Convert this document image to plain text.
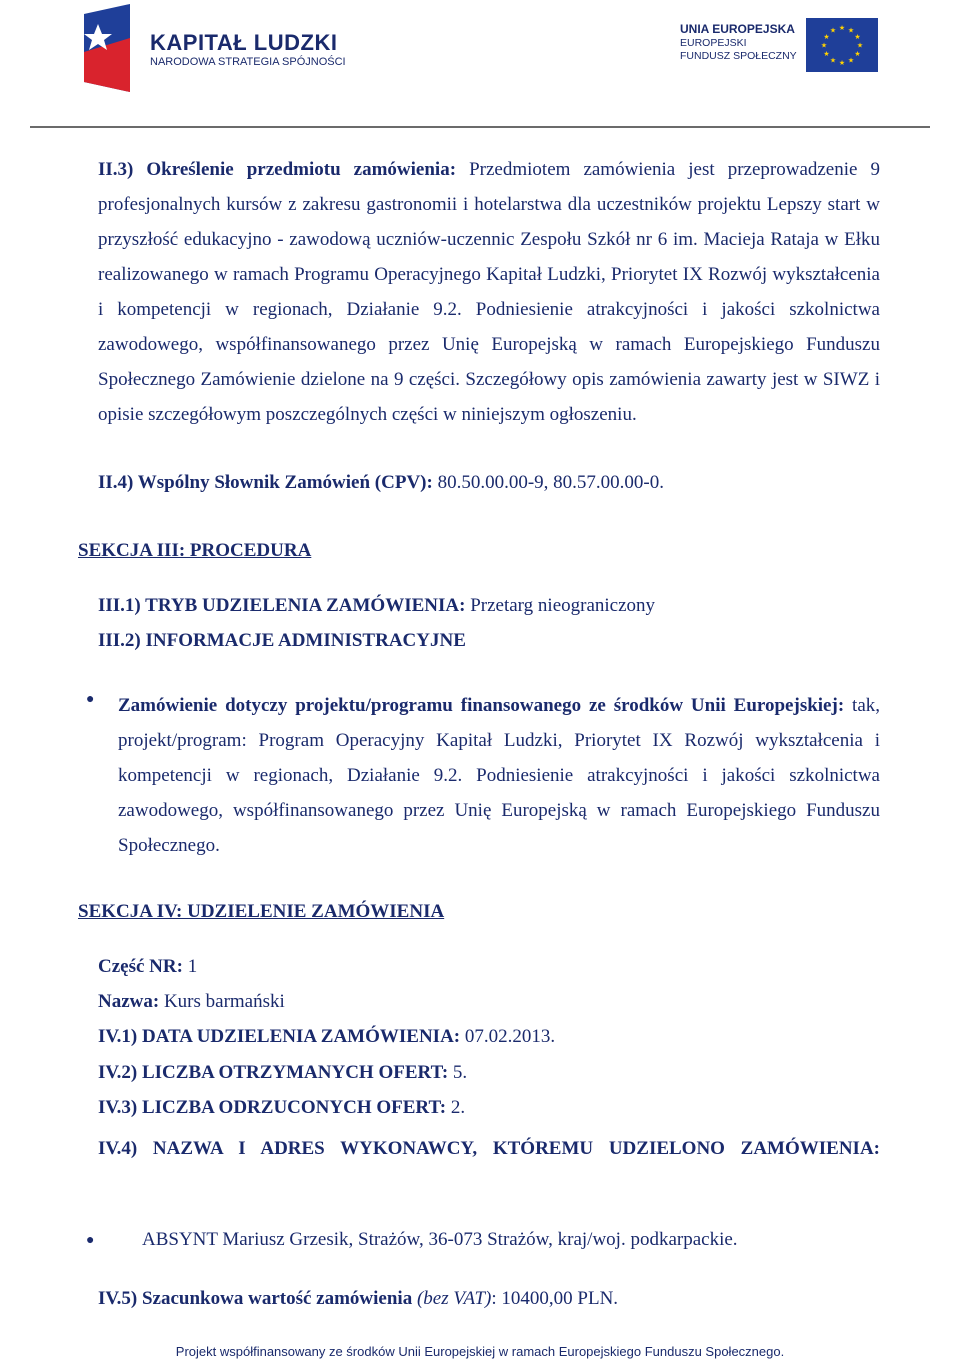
KAPITAŁ LUDZKI
NARODOWA STRATEGIA SPÓJNOŚCI
UNIA EUROPEJSKA
EUROPEJSKI
FUNDUSZ SPOŁECZNY
★ ★
★
★
★
★
★
★
★
★
★
★
II.3) Określenie przedmiotu zamówienia: Przedmiotem zamówienia jest przeprowadzenie 9 profesjonalnych kursów z zakresu gastronomii i hotelarstwa dla uczestników projektu Lepszy start w przyszłość edukacyjno - zawodową uczniów-uczennic Zespołu Szkół nr 6 im. Macieja Rataja w Ełku realizowanego w ramach Programu Operacyjnego Kapitał Ludzki, Priorytet IX Rozwój wykształcenia i kompetencji w regionach, Działanie 9.2. Podniesienie atrakcyjności i jakości szkolnictwa zawodowego, współfinansowanego przez Unię Europejską w ramach Europejskiego Funduszu Społecznego Zamówienie dzielone na 9 części. Szczegółowy opis zamówienia zawarty jest w SIWZ i opisie szczegółowym poszczególnych części w niniejszym ogłoszeniu.
II.4) Wspólny Słownik Zamówień (CPV): 80.50.00.00-9, 80.57.00.00-0.
SEKCJA III: PROCEDURA
III.1) TRYB UDZIELENIA ZAMÓWIENIA: Przetarg nieograniczony
III.2) INFORMACJE ADMINISTRACYJNE
● Zamówienie dotyczy projektu/programu finansowanego ze środków Unii Europejskiej: tak, projekt/program: Program Operacyjny Kapitał Ludzki, Priorytet IX Rozwój wykształcenia i kompetencji w regionach, Działanie 9.2. Podniesienie atrakcyjności i jakości szkolnictwa zawodowego, współfinansowanego przez Unię Europejską w ramach Europejskiego Funduszu Społecznego.
SEKCJA IV: UDZIELENIE ZAMÓWIENIA
Część NR: 1
Nazwa: Kurs barmański
IV.1) DATA UDZIELENIA ZAMÓWIENIA: 07.02.2013.
IV.2) LICZBA OTRZYMANYCH OFERT: 5.
IV.3) LICZBA ODRZUCONYCH OFERT: 2.
IV.4) NAZWA I ADRES WYKONAWCY, KTÓREMU UDZIELONO ZAMÓWIENIA:
●	ABSYNT Mariusz Grzesik, Strażów, 36-073 Strażów, kraj/woj. podkarpackie.
IV.5) Szacunkowa wartość zamówienia (bez VAT): 10400,00 PLN.
Projekt współfinansowany ze środków Unii Europejskiej w ramach Europejskiego Funduszu Społecznego.
